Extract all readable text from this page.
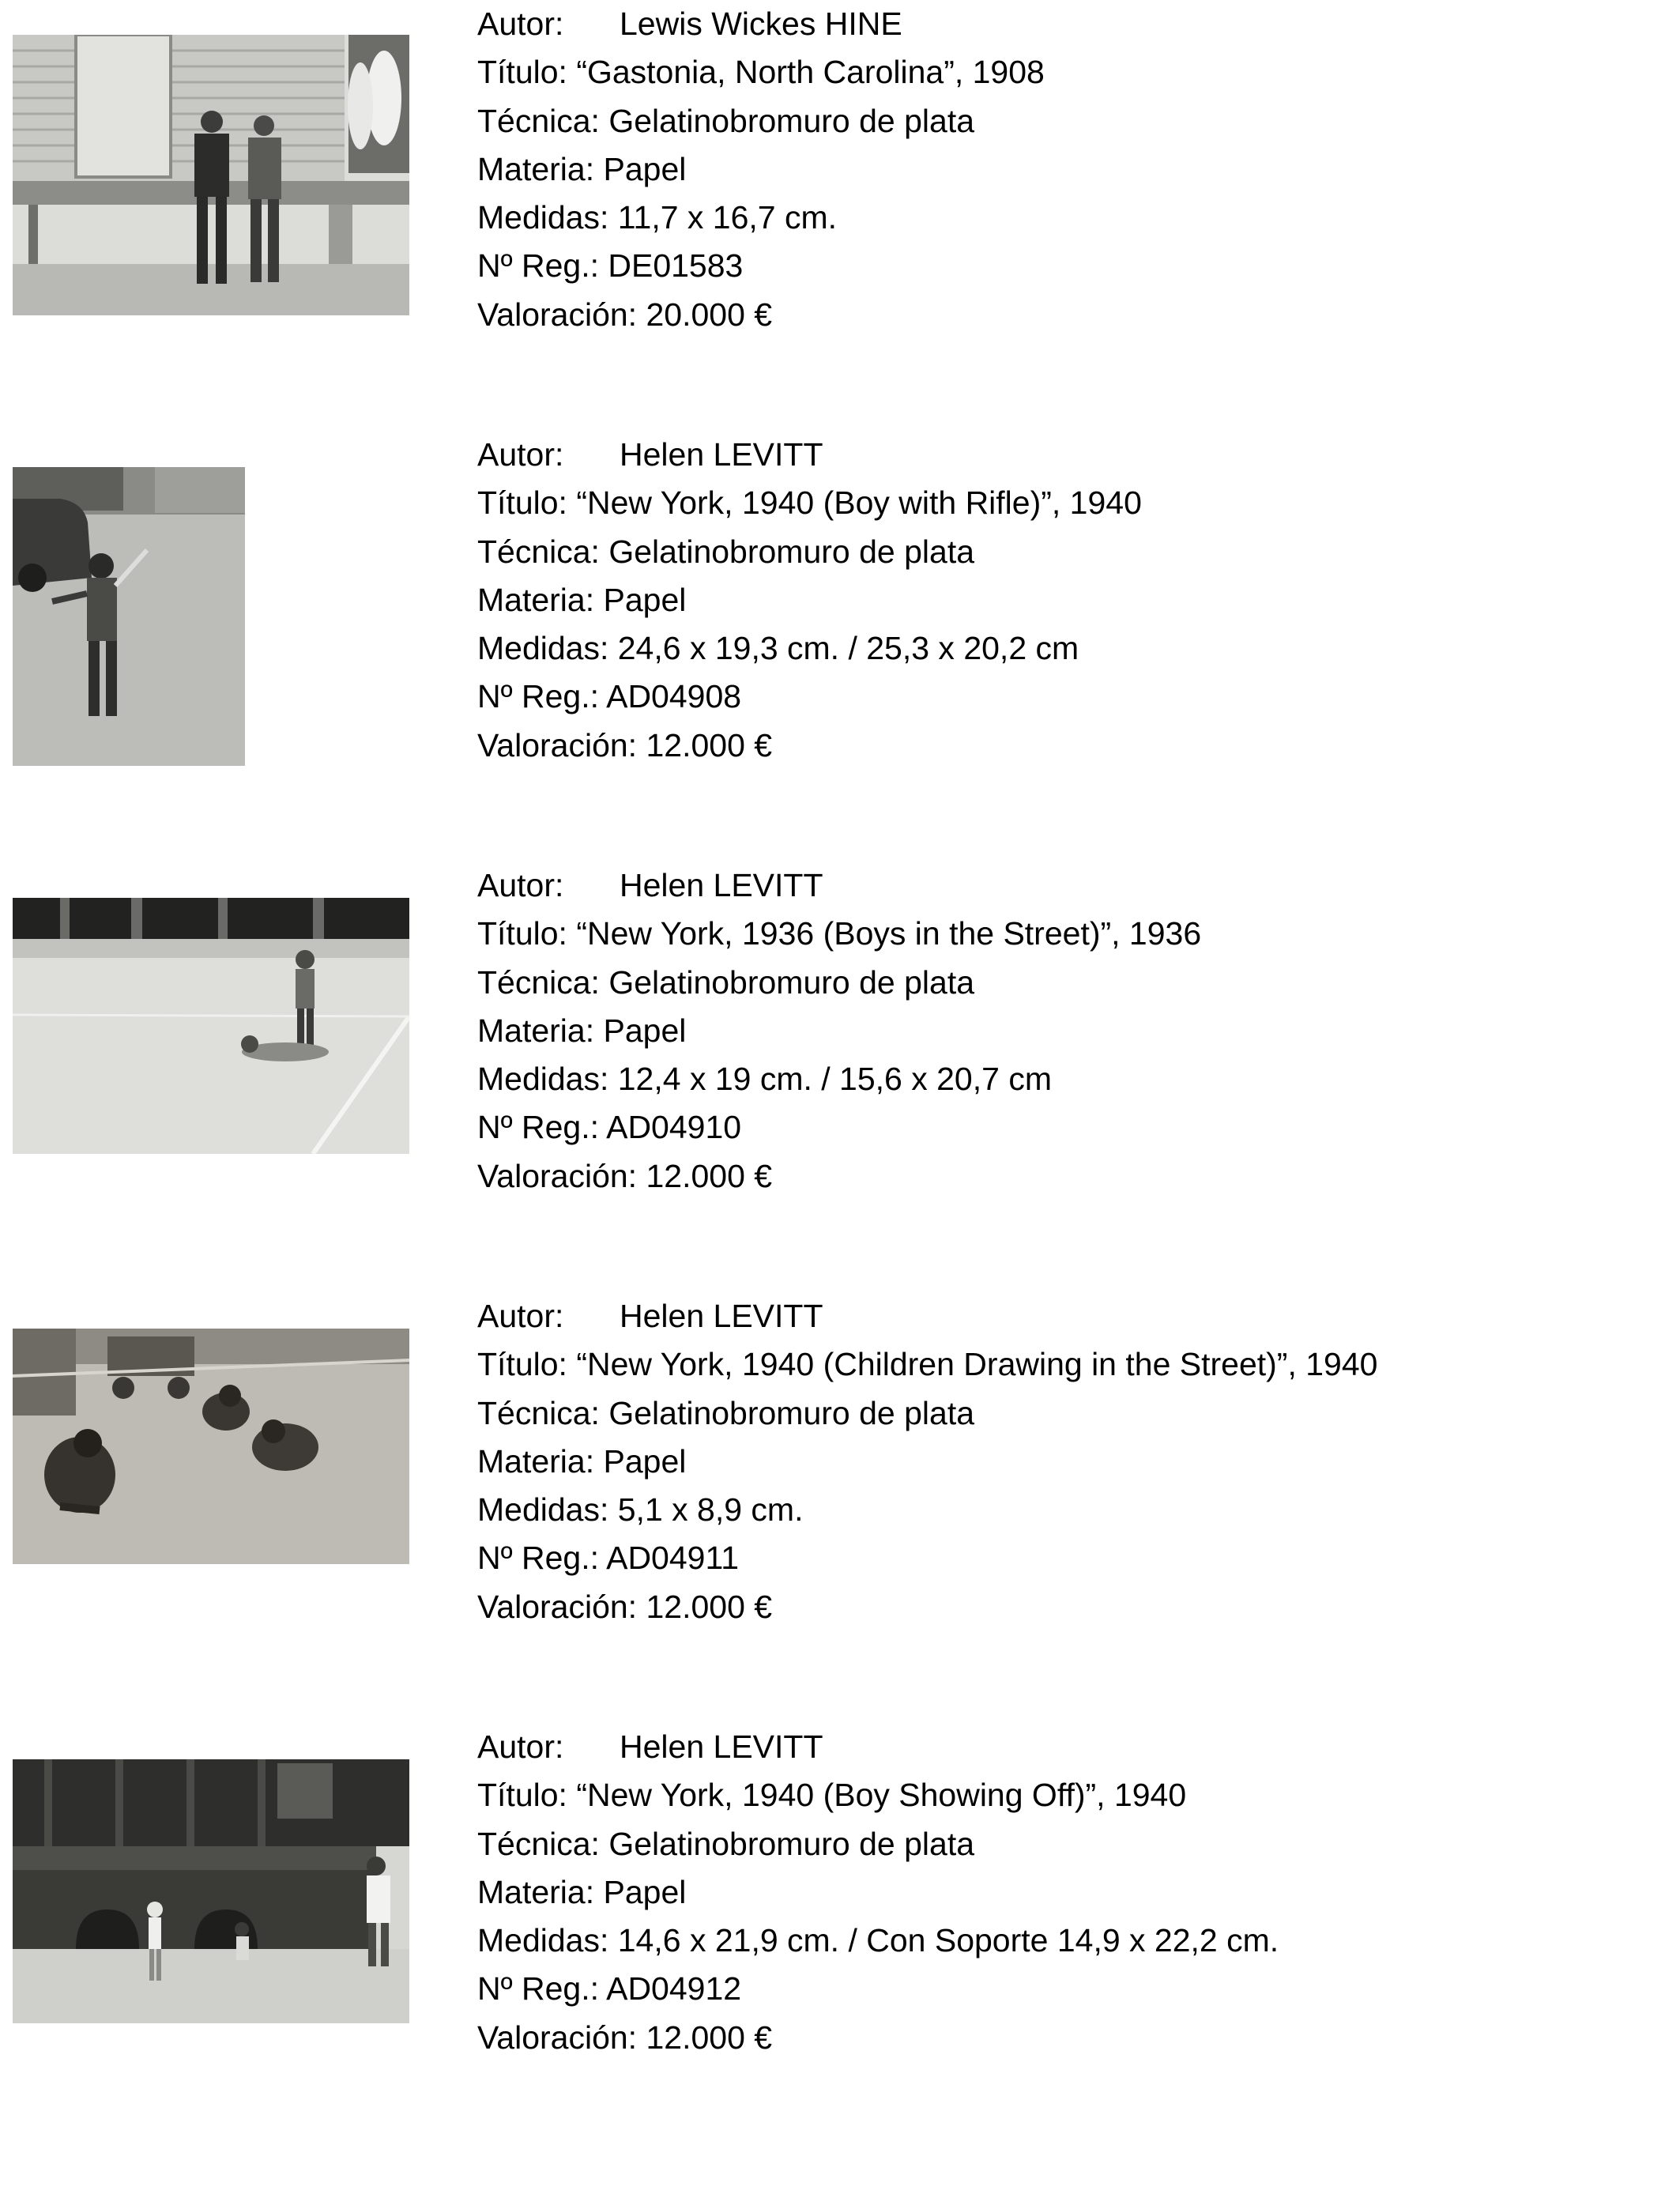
Autor: Lewis Wickes HINE
Título: “Gastonia, North Carolina”, 1908
Técnica: Gelatinobromuro de plata
Materia: Papel
Medidas: 11,7 x 16,7 cm.
Nº Reg.: DE01583
Valoración: 20.000 €
Autor: Helen LEVITT
Título: “New York, 1940 (Boy with Rifle)”, 1940
Técnica: Gelatinobromuro de plata
Materia: Papel
Medidas: 24,6 x 19,3 cm. / 25,3 x 20,2 cm
Nº Reg.: AD04908
Valoración: 12.000 €
Autor: Helen LEVITT
Título: “New York, 1936 (Boys in the Street)”, 1936
Técnica: Gelatinobromuro de plata
Materia: Papel
Medidas: 12,4 x 19 cm. / 15,6 x 20,7 cm
Nº Reg.: AD04910
Valoración: 12.000 €
Autor: Helen LEVITT
Título: “New York, 1940 (Children Drawing in the Street)”, 1940
Técnica: Gelatinobromuro de plata
Materia: Papel
Medidas: 5,1 x 8,9 cm.
Nº Reg.: AD04911
Valoración: 12.000 €
Autor: Helen LEVITT
Título: “New York, 1940 (Boy Showing Off)”, 1940
Técnica: Gelatinobromuro de plata
Materia: Papel
Medidas: 14,6 x 21,9 cm. / Con Soporte 14,9 x 22,2 cm.
Nº Reg.: AD04912
Valoración: 12.000 €
